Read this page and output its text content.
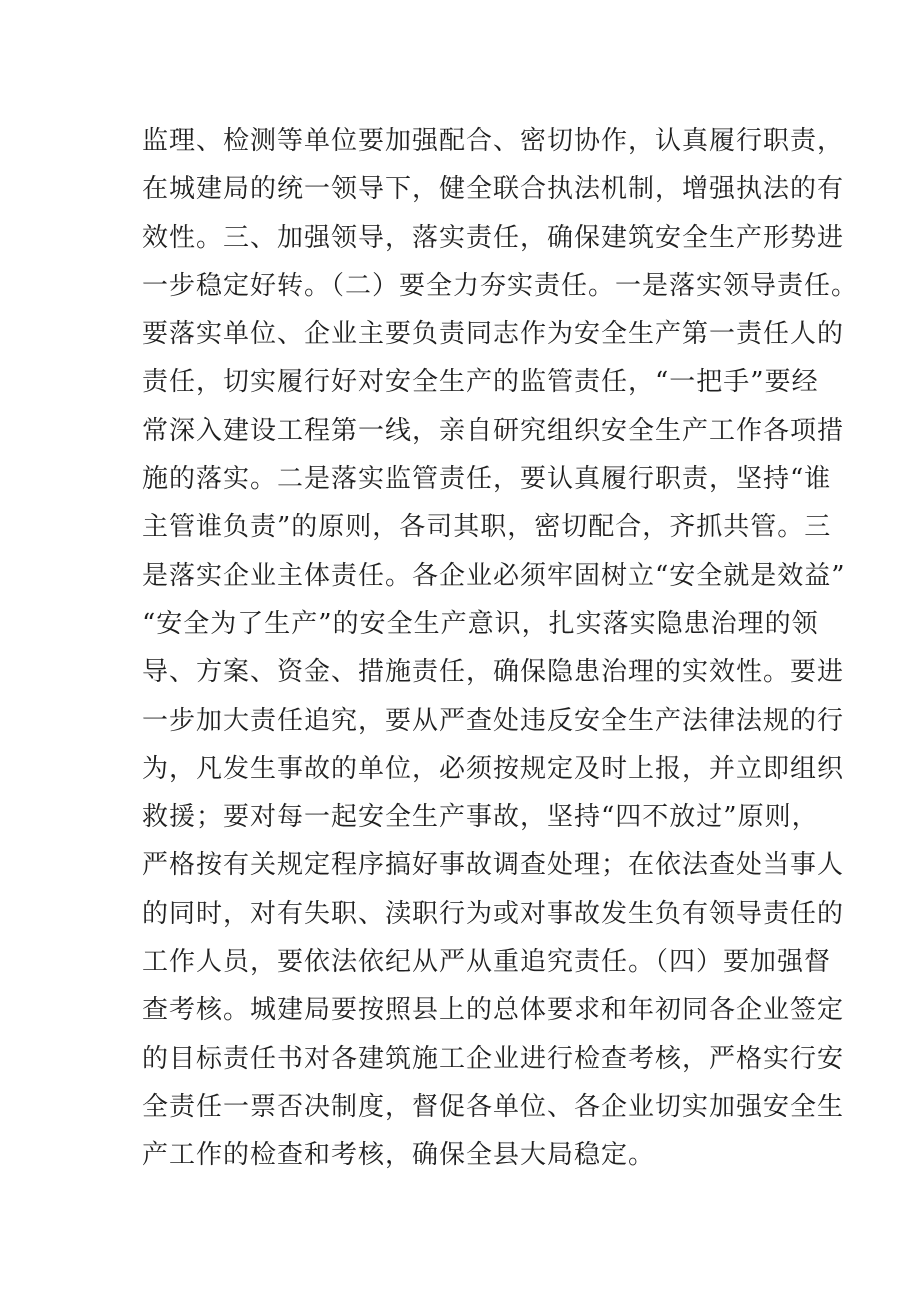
监理、检测等单位要加强配合、密切协作，认真履行职责，
在城建局的统一领导下，健全联合执法机制，增强执法的有
效性。三、加强领导，落实责任，确保建筑安全生产形势进
一步稳定好转。（二）要全力夯实责任。一是落实领导责任。
要落实单位、企业主要负责同志作为安全生产第一责任人的
责任，切实履行好对安全生产的监管责任，“一把手”要经
常深入建设工程第一线，亲自研究组织安全生产工作各项措
施的落实。二是落实监管责任，要认真履行职责，坚持“谁
主管谁负责”的原则，各司其职，密切配合，齐抓共管。三
是落实企业主体责任。各企业必须牢固树立“安全就是效益”
“安全为了生产”的安全生产意识，扎实落实隐患治理的领
导、方案、资金、措施责任，确保隐患治理的实效性。要进
一步加大责任追究，要从严查处违反安全生产法律法规的行
为，凡发生事故的单位，必须按规定及时上报，并立即组织
救援；要对每一起安全生产事故，坚持“四不放过”原则，
严格按有关规定程序搞好事故调查处理；在依法查处当事人
的同时，对有失职、渎职行为或对事故发生负有领导责任的
工作人员，要依法依纪从严从重追究责任。（四）要加强督
查考核。城建局要按照县上的总体要求和年初同各企业签定
的目标责任书对各建筑施工企业进行检查考核，严格实行安
全责任一票否决制度，督促各单位、各企业切实加强安全生
产工作的检查和考核，确保全县大局稳定。
